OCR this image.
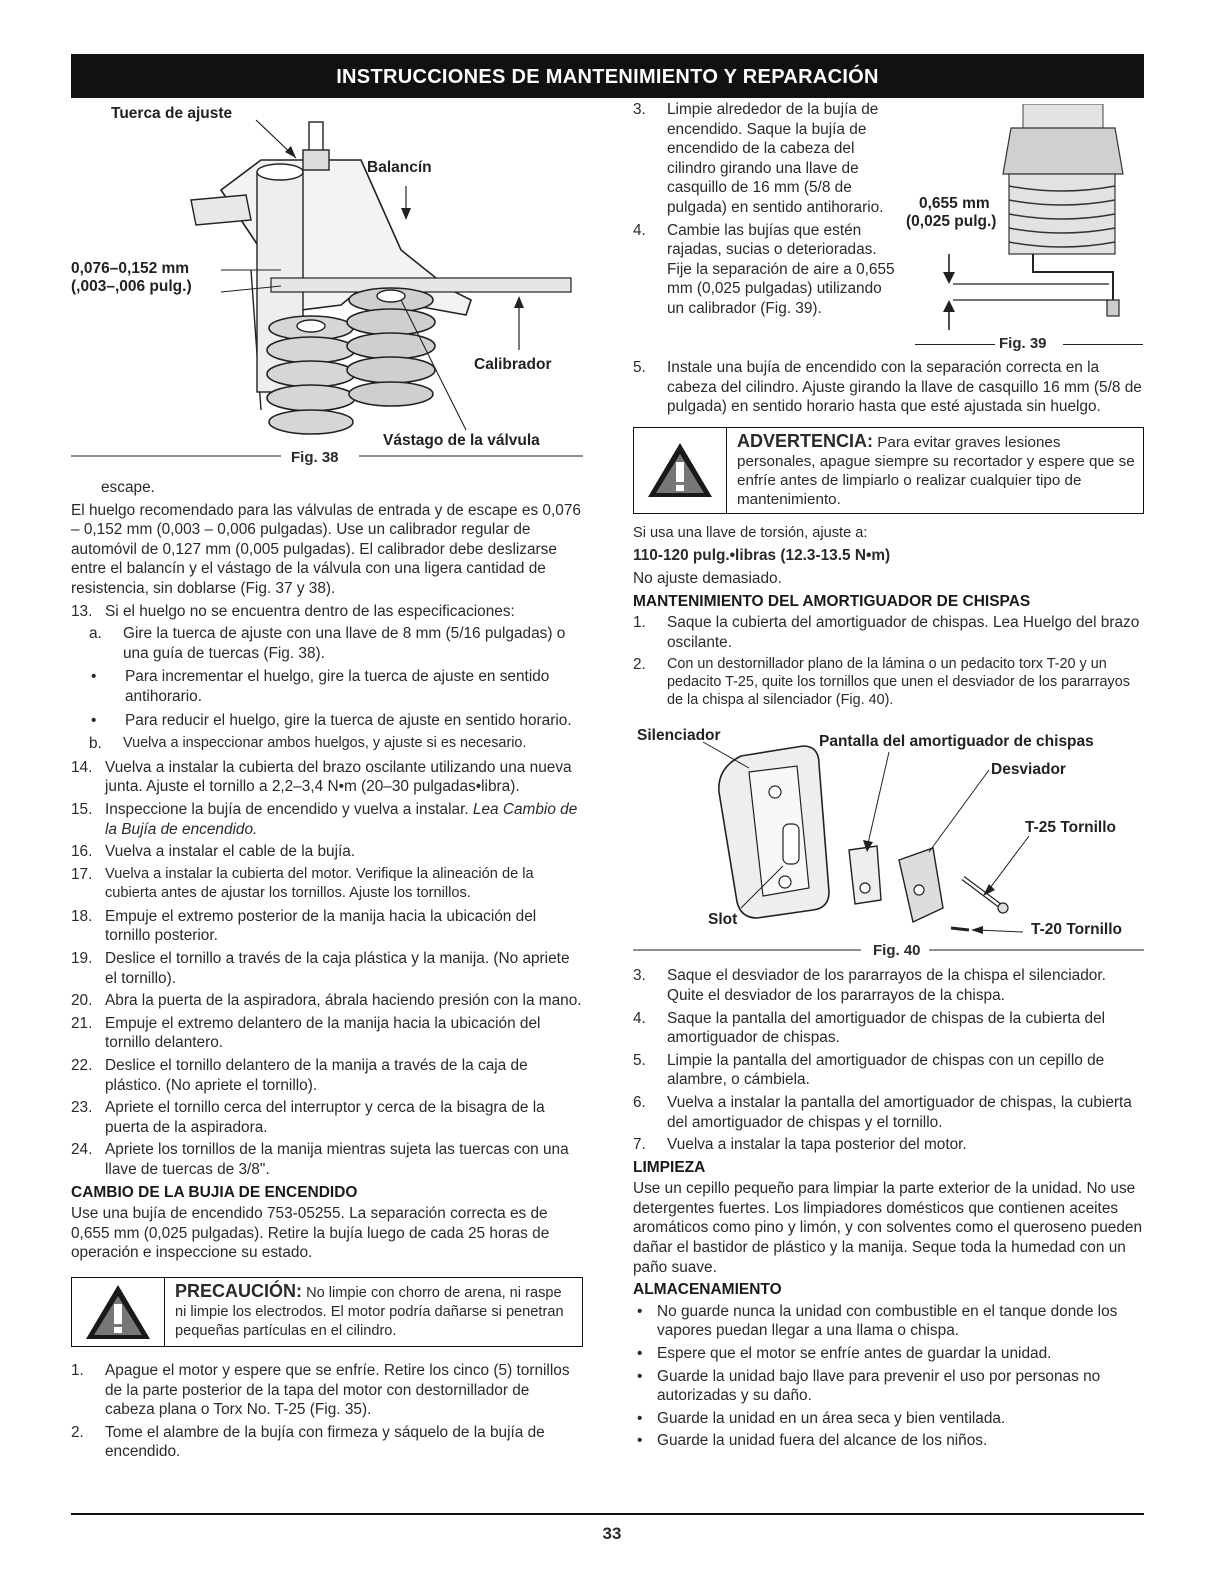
INSTRUCCIONES DE MANTENIMIENTO Y REPARACIÓN
Tuerca de ajuste
Balancín
0,076–0,152 mm
(,003–,006 pulg.)
Calibrador
Vástago de la válvula
Fig. 38

escape.

El huelgo recomendado para las válvulas de entrada y de escape es 0,076 – 0,152 mm (0,003 – 0,006 pulgadas). Use un calibrador regular de automóvil de 0,127 mm (0,005 pulgadas). El calibrador debe deslizarse entre el balancín y el vástago de la válvula con una ligera cantidad de resistencia, sin doblarse (Fig. 37 y 38).

13. Si el huelgo no se encuentra dentro de las especificaciones:
a.	Gire la tuerca de ajuste con una llave de 8 mm (5/16 pulgadas) o una guía de tuercas (Fig. 38).
•	Para incrementar el huelgo, gire la tuerca de ajuste en sentido antihorario.
•	Para reducir el huelgo, gire la tuerca de ajuste en sentido horario.
b.	Vuelva a inspeccionar ambos huelgos, y ajuste si es necesario.
14. Vuelva a instalar la cubierta del brazo oscilante utilizando una nueva junta. Ajuste el tornillo a 2,2–3,4 N•m (20–30 pulgadas•libra).
15. Inspeccione la bujía de encendido y vuelva a instalar. Lea Cambio de la Bujía de encendido.
16. Vuelva a instalar el cable de la bujía.
17. Vuelva a instalar la cubierta del motor. Verifique la alineación de la cubierta antes de ajustar los tornillos. Ajuste los tornillos.
18. Empuje el extremo posterior de la manija hacia la ubicación del tornillo posterior.
19. Deslice el tornillo a través de la caja plástica y la manija. (No apriete el tornillo).
20. Abra la puerta de la aspiradora, ábrala haciendo presión con la mano.
21. Empuje el extremo delantero de la manija hacia la ubicación del tornillo delantero.
22. Deslice el tornillo delantero de la manija a través de la caja de plástico. (No apriete el tornillo).
23. Apriete el tornillo cerca del interruptor y cerca de la bisagra de la puerta de la aspiradora.
24. Apriete los tornillos de la manija mientras sujeta las tuercas con una llave de tuercas de 3/8".
CAMBIO DE LA BUJIA DE ENCENDIDO

Use una bujía de encendido 753-05255. La separación correcta es de 0,655 mm (0,025 pulgadas). Retire la bujía luego de cada 25 horas de operación e inspeccione su estado.

PRECAUCIÓN: No limpie con chorro de arena, ni raspe ni limpie los electrodos. El motor podría dañarse si penetran pequeñas partículas en el cilindro.
1.	Apague el motor y espere que se enfríe. Retire los cinco (5) tornillos de la parte posterior de la tapa del motor con destornillador de cabeza plana o Torx No. T-25 (Fig. 35).
2.	Tome el alambre de la bujía con firmeza y sáquelo de la bujía de encendido.
3.	Limpie alrededor de la bujía de encendido. Saque la bujía de encendido de la cabeza del cilindro girando una llave de casquillo de 16 mm (5/8 de pulgada) en sentido antihorario.
4.	Cambie las bujías que estén rajadas, sucias o deterioradas. Fije la separación de aire a 0,655 mm (0,025 pulgadas) utilizando un calibrador (Fig. 39).
0,655 mm
(0,025 pulg.)
Fig. 39
5.	Instale una bujía de encendido con la separación correcta en la cabeza del cilindro. Ajuste girando la llave de casquillo 16 mm (5/8 de pulgada) en sentido horario hasta que esté ajustada sin huelgo.
ADVERTENCIA: Para evitar graves lesiones personales, apague siempre su recortador y espere que se enfríe antes de limpiarlo o realizar cualquier tipo de mantenimiento.

Si usa una llave de torsión, ajuste a:

110-120 pulg.•libras (12.3-13.5 N•m)

No ajuste demasiado.

MANTENIMIENTO DEL AMORTIGUADOR DE CHISPAS
1.	Saque la cubierta del amortiguador de chispas. Lea Huelgo del brazo oscilante.
2.	Con un destornillador plano de la lámina o un pedacito torx T-20 y un pedacito T-25, quite los tornillos que unen el desviador de los pararrayos de la chispa al silenciador (Fig. 40).
Silenciador	Pantalla del amortiguador de chispas
Desviador
T-25 Tornillo
Slot
T-20 Tornillo
Fig. 40
3.	Saque el desviador de los pararrayos de la chispa el silenciador. Quite el desviador de los pararrayos de la chispa.
4.	Saque la pantalla del amortiguador de chispas de la cubierta del amortiguador de chispas.
5.	Limpie la pantalla del amortiguador de chispas con un cepillo de alambre, o cámbiela.
6.	Vuelva a instalar la pantalla del amortiguador de chispas, la cubierta del amortiguador de chispas y el tornillo.
7.	Vuelva a instalar la tapa posterior del motor.
LIMPIEZA

Use un cepillo pequeño para limpiar la parte exterior de la unidad. No use detergentes fuertes. Los limpiadores domésticos que contienen aceites aromáticos como pino y limón, y con solventes como el queroseno pueden dañar el bastidor de plástico y la manija. Seque toda la humedad con un paño suave.

ALMACENAMIENTO
• No guarde nunca la unidad con combustible en el tanque donde los vapores puedan llegar a una llama o chispa.
• Espere que el motor se enfríe antes de guardar la unidad.
• Guarde la unidad bajo llave para prevenir el uso por personas no autorizadas y su daño.
• Guarde la unidad en un área seca y bien ventilada.
• Guarde la unidad fuera del alcance de los niños.
33
